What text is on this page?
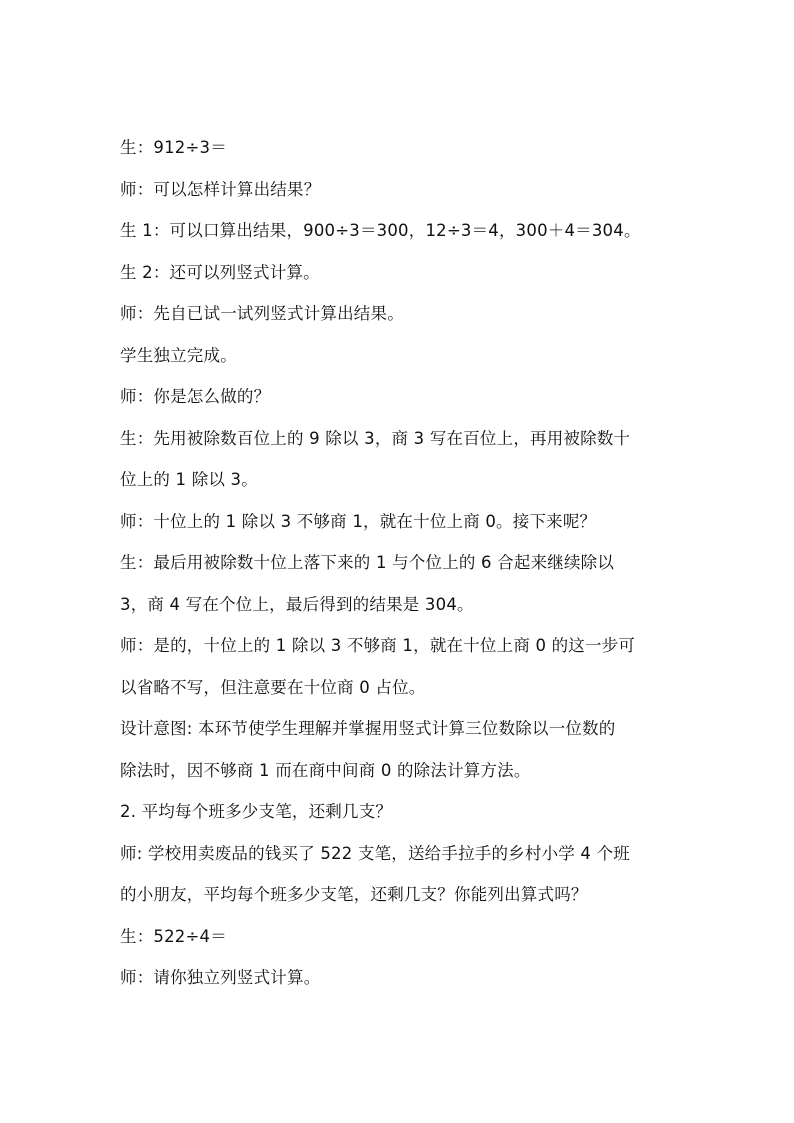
生：912÷3＝
师：可以怎样计算出结果？
生 1：可以口算出结果，900÷3＝300，12÷3＝4，300＋4＝304。
生 2：还可以列竖式计算。
师：先自已试一试列竖式计算出结果。
学生独立完成。
师：你是怎么做的？
生：先用被除数百位上的 9 除以 3，商 3 写在百位上，再用被除数十
位上的 1 除以 3。
师：十位上的 1 除以 3 不够商 1，就在十位上商 0。接下来呢？
生：最后用被除数十位上落下来的 1 与个位上的 6 合起来继续除以
3，商 4 写在个位上，最后得到的结果是 304。
师：是的，十位上的 1 除以 3 不够商 1，就在十位上商 0 的这一步可
以省略不写，但注意要在十位商 0 占位。
设计意图: 本环节使学生理解并掌握用竖式计算三位数除以一位数的
除法时，因不够商 1 而在商中间商 0 的除法计算方法。
2. 平均每个班多少支笔，还剩几支？
师: 学校用卖废品的钱买了 522 支笔，送给手拉手的乡村小学 4 个班
的小朋友，平均每个班多少支笔，还剩几支？你能列出算式吗？
生：522÷4＝
师：请你独立列竖式计算。
